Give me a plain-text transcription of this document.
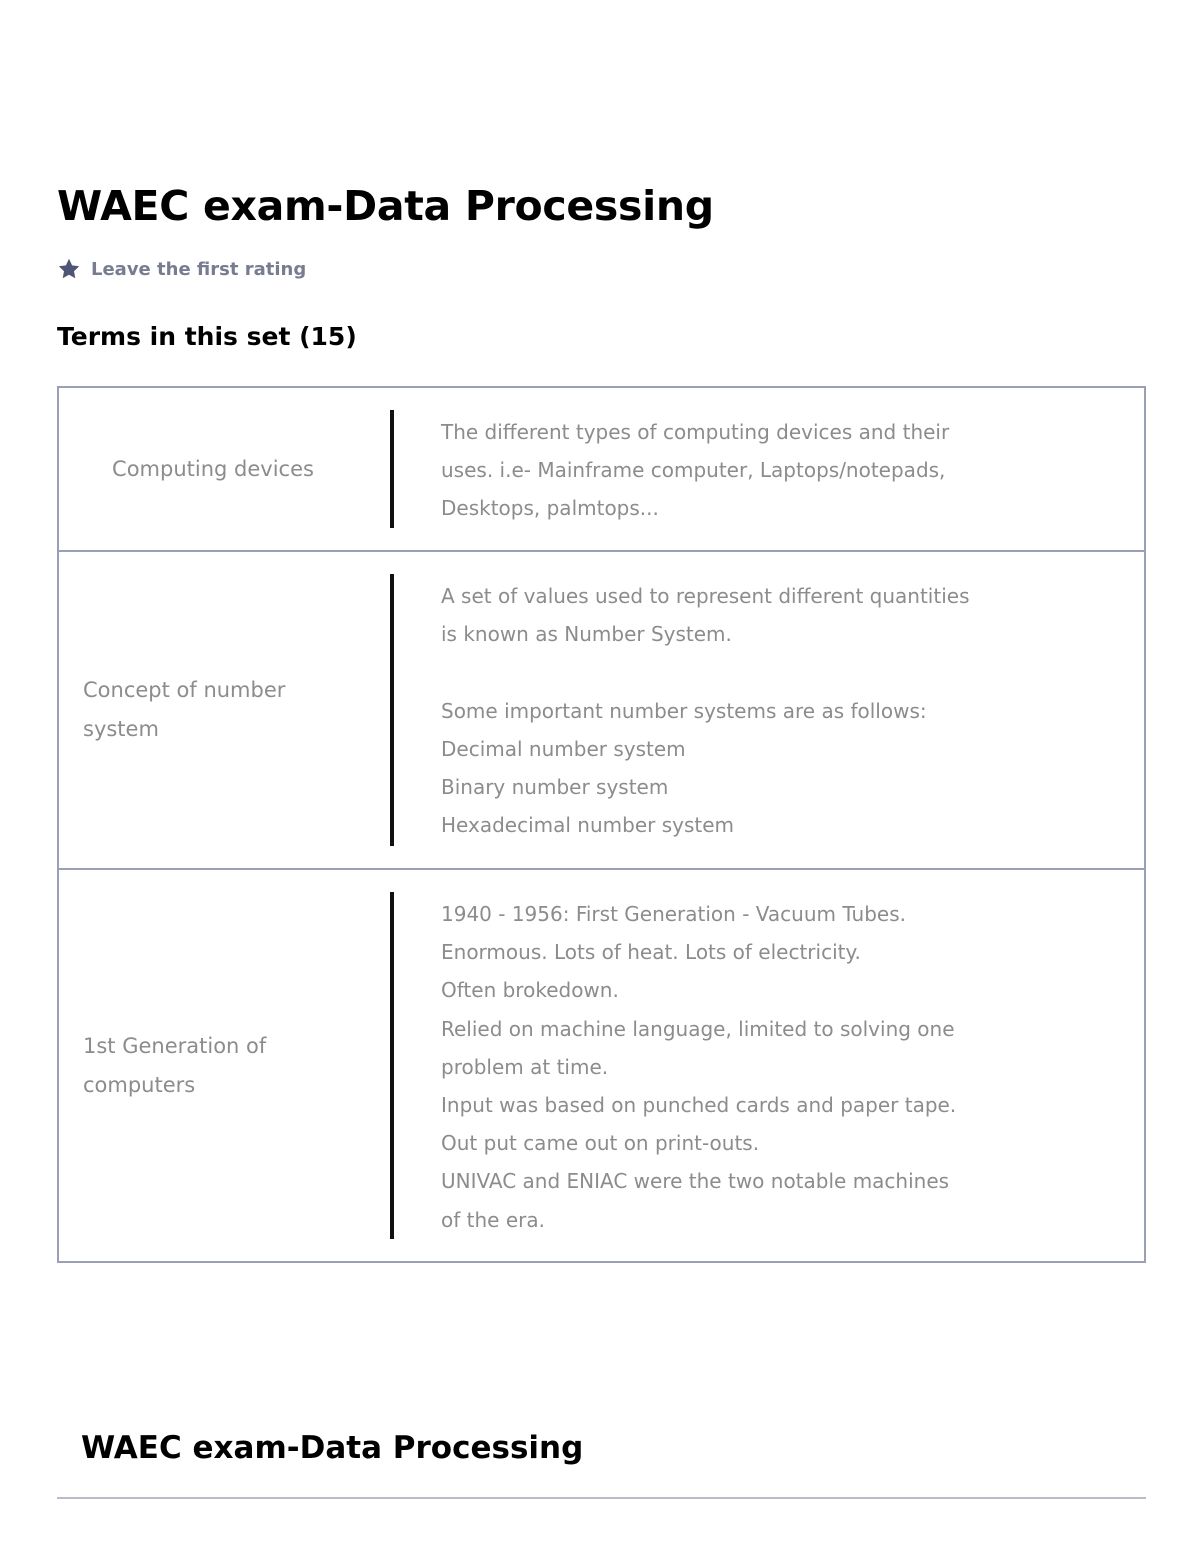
WAEC exam-Data Processing
Leave the first rating
Terms in this set (15)
Computing devices

The different types of computing devices and their

uses. i.e- Mainframe computer, Laptops/notepads,

Desktops, palmtops...

Concept of number
system

A set of values used to represent different quantities

is known as Number System.

Some important number systems are as follows:

Decimal number system

Binary number system

Hexadecimal number system

1st Generation of
computers

1940 - 1956: First Generation - Vacuum Tubes.

Enormous. Lots of heat. Lots of electricity.

Often brokedown.

Relied on machine language, limited to solving one

problem at time.

Input was based on punched cards and paper tape.

Out put came out on print-outs.

UNIVAC and ENIAC were the two notable machines

of the era.

WAEC exam-Data Processing
